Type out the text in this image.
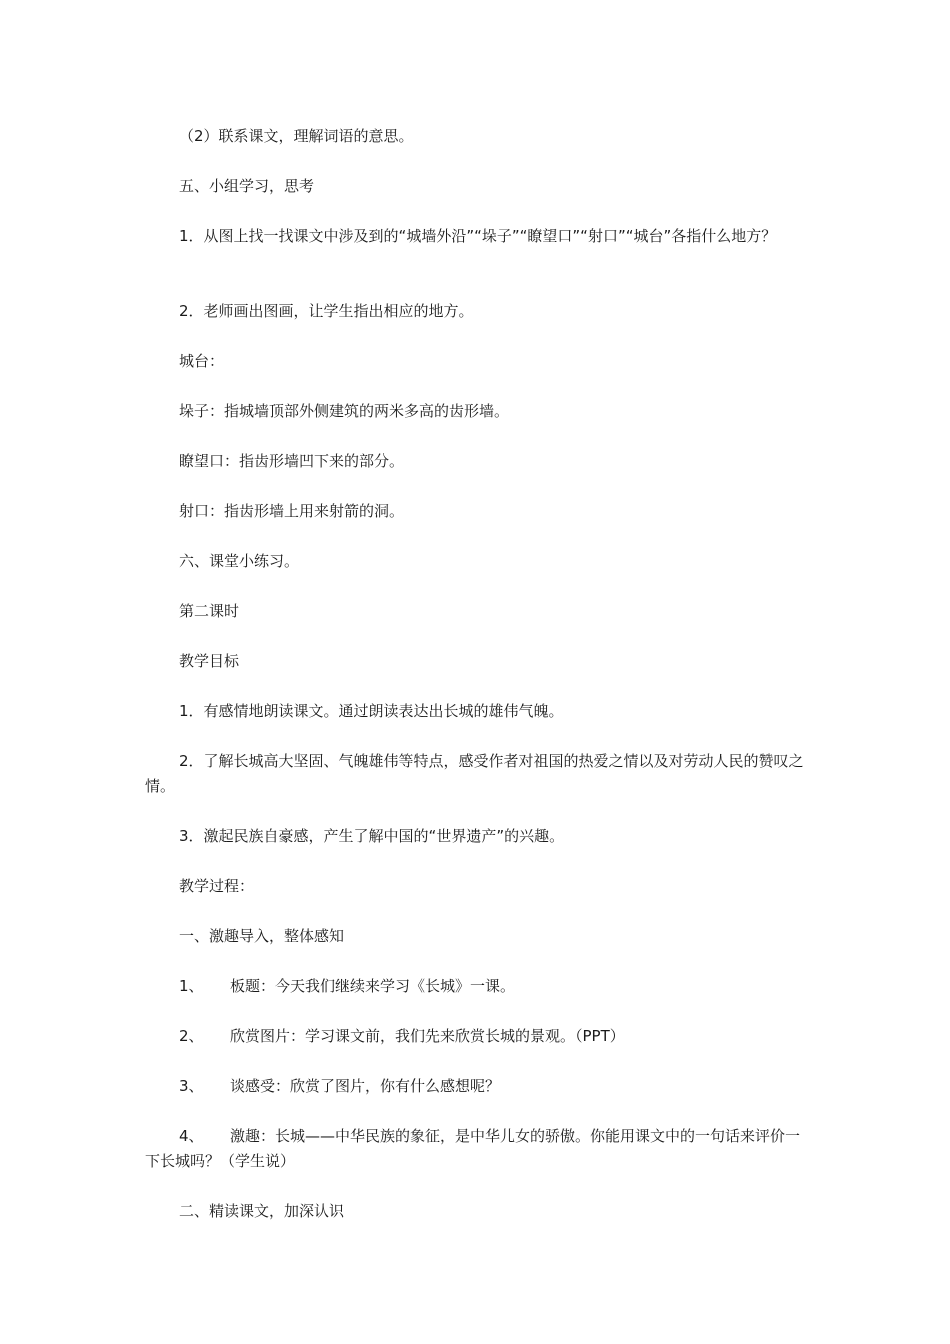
（2）联系课文，理解词语的意思。

五、小组学习，思考

1．从图上找一找课文中涉及到的“城墙外沿”“垛子”“瞭望口”“射口”“城台”各指什么地方？

2．老师画出图画，让学生指出相应的地方。

城台：

垛子：指城墙顶部外侧建筑的两米多高的齿形墙。

瞭望口：指齿形墙凹下来的部分。

射口：指齿形墙上用来射箭的洞。

六、课堂小练习。

第二课时

教学目标

1．有感情地朗读课文。通过朗读表达出长城的雄伟气魄。

2．了解长城高大坚固、气魄雄伟等特点，感受作者对祖国的热爱之情以及对劳动人民的赞叹之情。

3．激起民族自豪感，产生了解中国的“世界遗产”的兴趣。

教学过程：

一、激趣导入，整体感知

1、 板题：今天我们继续来学习《长城》一课。

2、 欣赏图片：学习课文前，我们先来欣赏长城的景观。（PPT）

3、 谈感受：欣赏了图片，你有什么感想呢？

4、 激趣：长城——中华民族的象征，是中华儿女的骄傲。你能用课文中的一句话来评价一下长城吗？（学生说）

二、精读课文，加深认识
